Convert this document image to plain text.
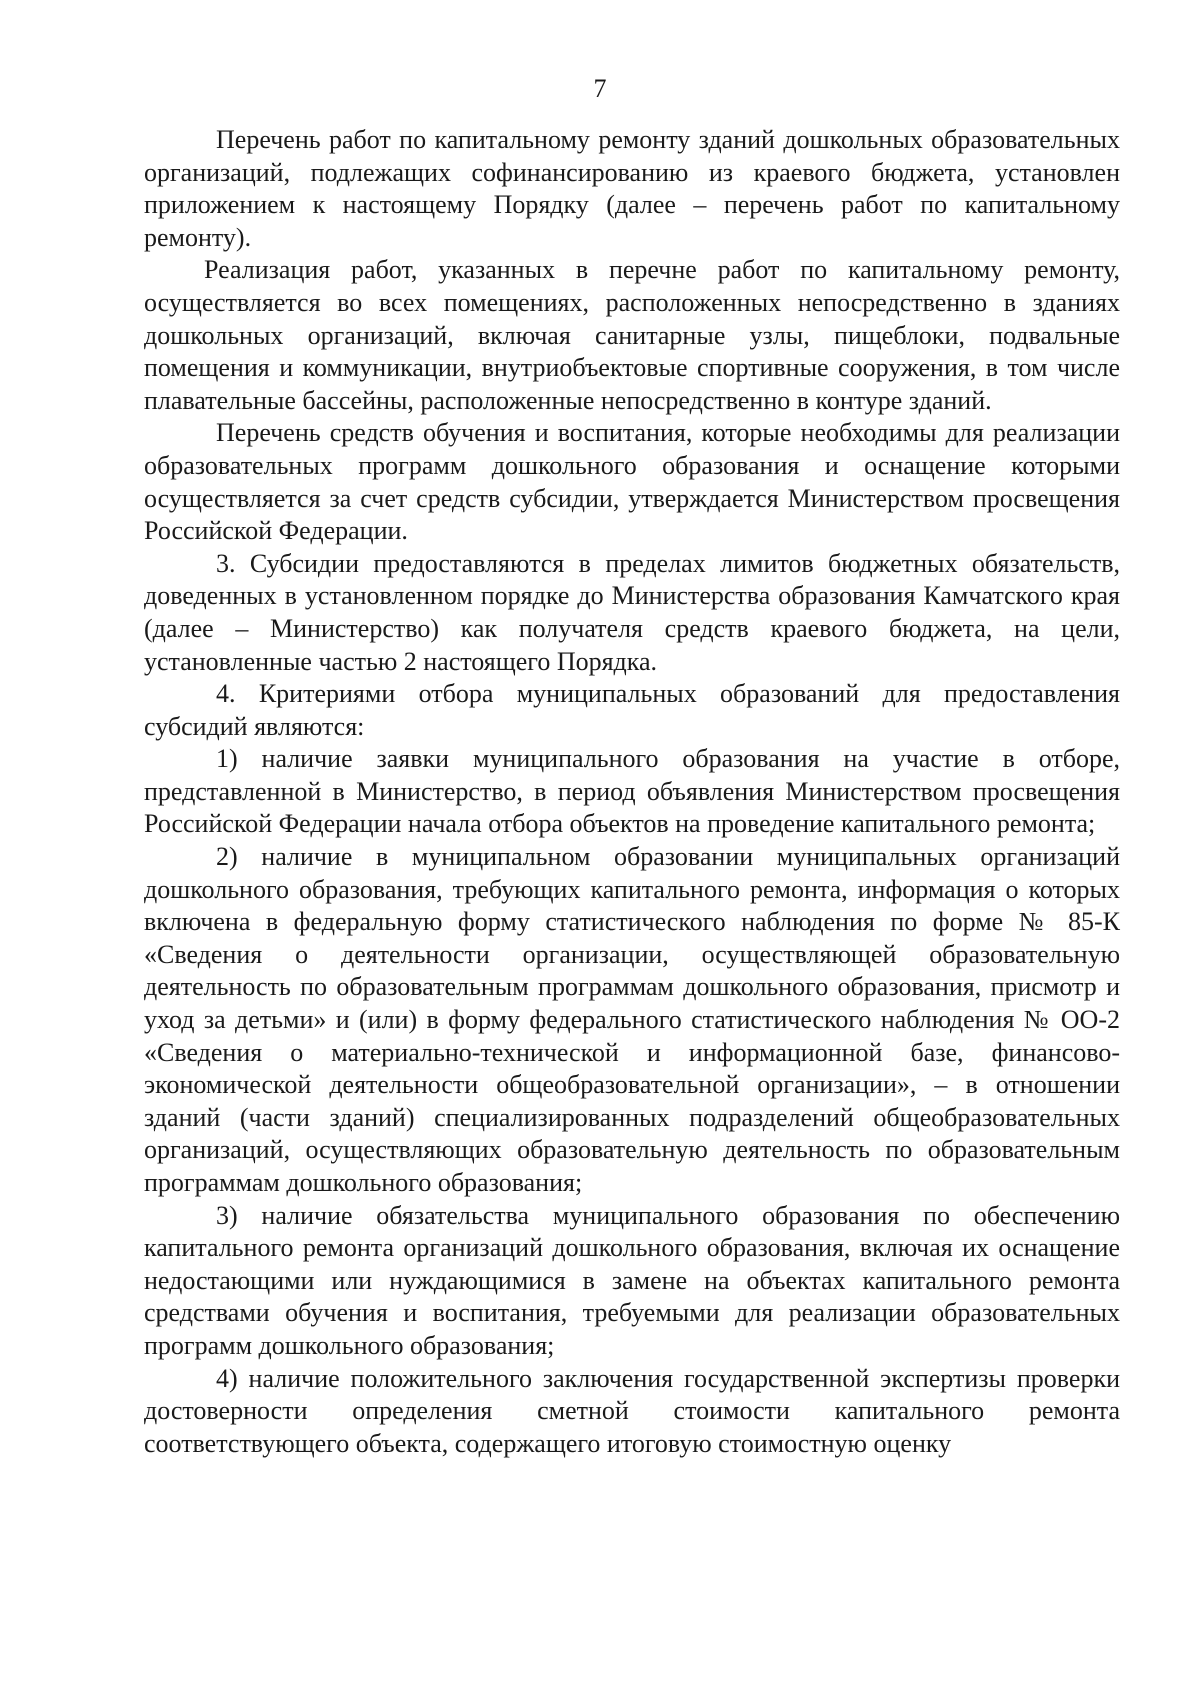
7

Перечень работ по капитальному ремонту зданий дошкольных образовательных организаций, подлежащих софинансированию из краевого бюджета, установлен приложением к настоящему Порядку (далее – перечень работ по капитальному ремонту).

Реализация работ, указанных в перечне работ по капитальному ремонту, осуществляется во всех помещениях, расположенных непосредственно в зданиях дошкольных организаций, включая санитарные узлы, пищеблоки, подвальные помещения и коммуникации, внутриобъектовые спортивные сооружения, в том числе плавательные бассейны, расположенные непосредственно в контуре зданий.

Перечень средств обучения и воспитания, которые необходимы для реализации образовательных программ дошкольного образования и оснащение которыми осуществляется за счет средств субсидии, утверждается Министерством просвещения Российской Федерации.

3. Субсидии предоставляются в пределах лимитов бюджетных обязательств, доведенных в установленном порядке до Министерства образования Камчатского края (далее – Министерство) как получателя средств краевого бюджета, на цели, установленные частью 2 настоящего Порядка.

4. Критериями отбора муниципальных образований для предоставления субсидий являются:

1) наличие заявки муниципального образования на участие в отборе, представленной в Министерство, в период объявления Министерством просвещения Российской Федерации начала отбора объектов на проведение капитального ремонта;

2) наличие в муниципальном образовании муниципальных организаций дошкольного образования, требующих капитального ремонта, информация о которых включена в федеральную форму статистического наблюдения по форме № 85-К «Сведения о деятельности организации, осуществляющей образовательную деятельность по образовательным программам дошкольного образования, присмотр и уход за детьми» и (или) в форму федерального статистического наблюдения № ОО-2 «Сведения о материально-технической и информационной базе, финансово-экономической деятельности общеобразовательной организации», – в отношении зданий (части зданий) специализированных подразделений общеобразовательных организаций, осуществляющих образовательную деятельность по образовательным программам дошкольного образования;

3) наличие обязательства муниципального образования по обеспечению капитального ремонта организаций дошкольного образования, включая их оснащение недостающими или нуждающимися в замене на объектах капитального ремонта средствами обучения и воспитания, требуемыми для реализации образовательных программ дошкольного образования;

4) наличие положительного заключения государственной экспертизы проверки достоверности определения сметной стоимости капитального ремонта соответствующего объекта, содержащего итоговую стоимостную оценку
